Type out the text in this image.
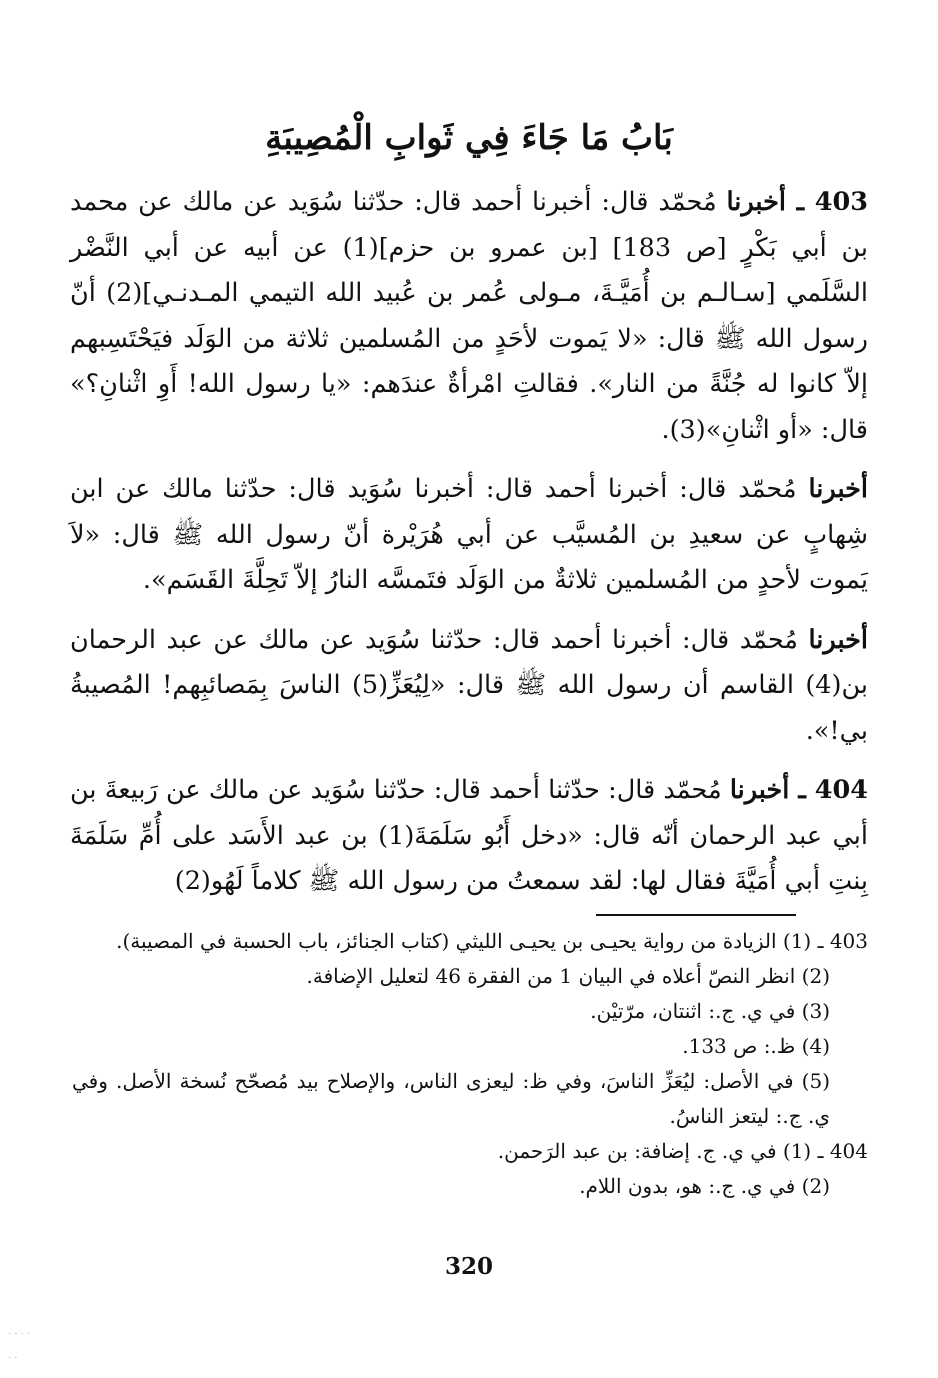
بَابُ مَا جَاءَ فِي ثَوابِ الْمُصِيبَةِ

403 ـ أخبرنا مُحمّد قال: أخبرنا أحمد قال: حدّثنا سُوَيد عن مالك عن محمد بن أبي بَكْرٍ [ص 183] [بن عمرو بن حزم](1) عن أبيه عن أبي النَّضْر السَّلَمي [سـالـم بن أُمَيَّـةَ، مـولى عُمر بن عُبيد الله التيمي المـدنـي](2) أنّ رسول الله ﷺ قال: «لا يَموت لأحَدٍ من المُسلمين ثلاثة من الوَلَد فيَحْتَسِبهم إلاّ كانوا له جُنَّةً من النار». فقالتِ امْرأةٌ عندَهم: «يا رسول الله! أَوِ اثْنانِ؟» قال: «أو اثْنانِ»(3).

أخبرنا مُحمّد قال: أخبرنا أحمد قال: أخبرنا سُوَيد قال: حدّثنا مالك عن ابن شِهابٍ عن سعيدِ بن المُسيَّب عن أبي هُرَيْرة أنّ رسول الله ﷺ قال: «لاَ يَموت لأحدٍ من المُسلمين ثلاثةٌ من الوَلَد فتَمسَّه النارُ إلاّ تَحِلَّةَ القَسَم».

أخبرنا مُحمّد قال: أخبرنا أحمد قال: حدّثنا سُوَيد عن مالك عن عبد الرحمان بن(4) القاسم أن رسول الله ﷺ قال: «لِيُعَزِّ(5) الناسَ بِمَصائبِهم! المُصيبةُ بي!».

404 ـ أخبرنا مُحمّد قال: حدّثنا أحمد قال: حدّثنا سُوَيد عن مالك عن رَبيعةَ بن أبي عبد الرحمان أنّه قال: «دخل أَبُو سَلَمَةَ(1) بن عبد الأَسَد على أُمِّ سَلَمَةَ بِنتِ أبي أُمَيَّةَ فقال لها: لقد سمعتُ من رسول الله ﷺ كلاماً لَهُو(2)

403 ـ (1) الزيادة من رواية يحيـى بن يحيـى الليثي (كتاب الجنائز، باب الحسبة في المصيبة).

(2) انظر النصّ أعلاه في البيان 1 من الفقرة 46 لتعليل الإضافة.

(3) في ي. ج.: اثنتان، مرّتيْن.

(4) ظ.: ص 133.

(5) في الأصل: ليُعَزِّ الناسَ، وفي ظ: ليعزى الناس، والإصلاح بيد مُصحّح نُسخة الأصل. وفي ي. ج.: ليتعز الناسُ.

404 ـ (1) في ي. ج. إضافة: بن عبد الرَحمن.

(2) في ي. ج.: هو، بدون اللام.

320
. . . .
. .
